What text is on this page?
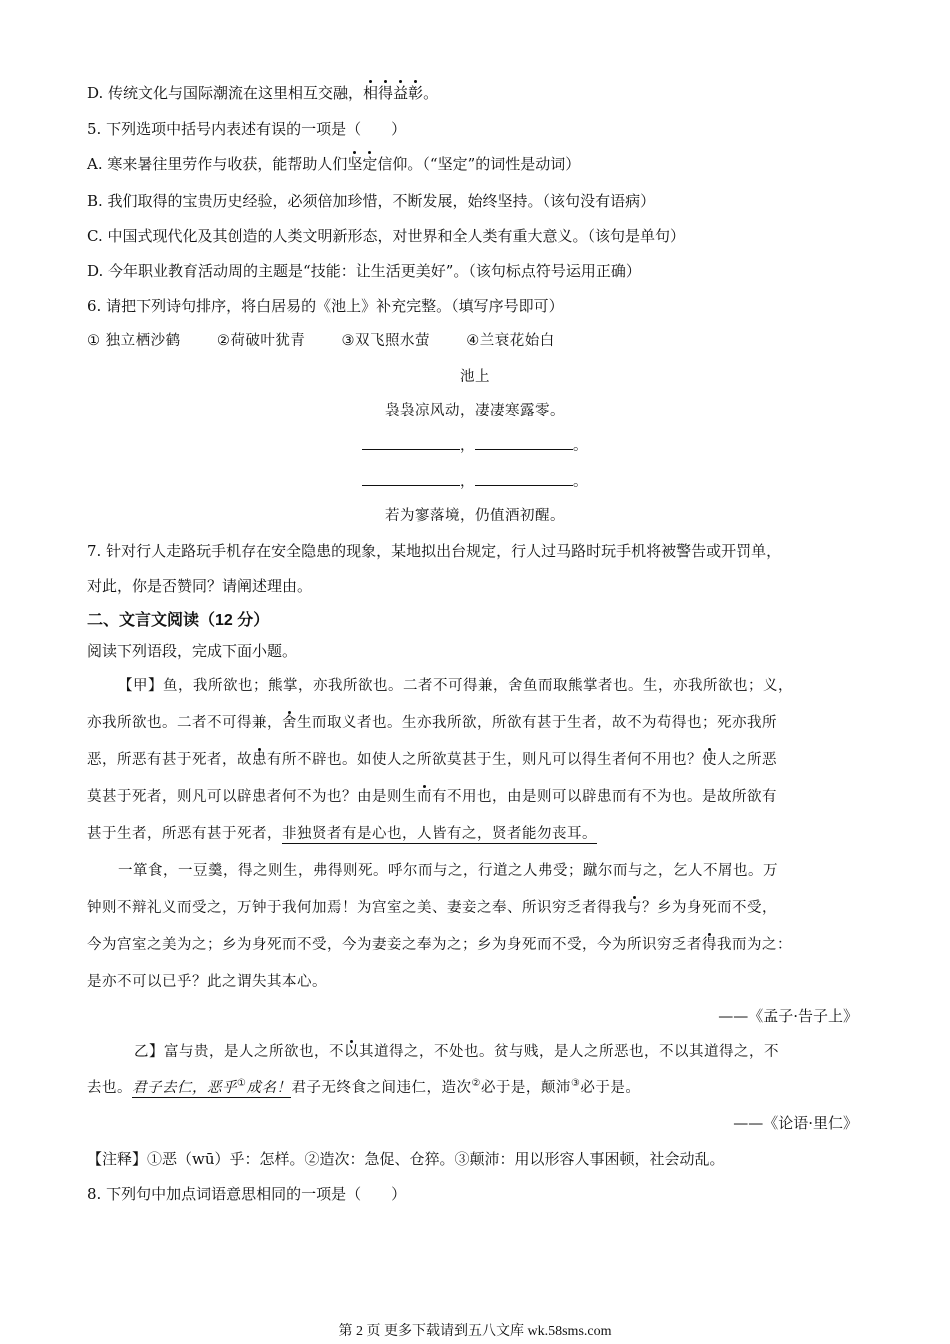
D. 传统文化与国际潮流在这里相互交融，相得益彰。
5. 下列选项中括号内表述有误的一项是（　　）
A. 寒来暑往里劳作与收获，能帮助人们坚定信仰。（“坚定”的词性是动词）
B. 我们取得的宝贵历史经验，必须倍加珍惜，不断发展，始终坚持。（该句没有语病）
C. 中国式现代化及其创造的人类文明新形态，对世界和全人类有重大意义。（该句是单句）
D. 今年职业教育活动周的主题是“技能：让生活更美好”。（该句标点符号运用正确）
6. 请把下列诗句排序，将白居易的《池上》补充完整。（填写序号即可）
① 独立栖沙鹤 ②荷破叶犹青 ③双飞照水萤 ④兰衰花始白
池上
袅袅凉风动，凄凄寒露零。
，	。
，	。
若为寥落境，仍值酒初醒。
7. 针对行人走路玩手机存在安全隐患的现象，某地拟出台规定，行人过马路时玩手机将被警告或开罚单，
对此，你是否赞同？请阐述理由。
二、文言文阅读（12 分）
阅读下列语段，完成下面小题。
【甲】鱼，我所欲也；熊掌，亦我所欲也。二者不可得兼，舍鱼而取熊掌者也。生，亦我所欲也；义，
亦我所欲也。二者不可得兼，舍生而取义者也。生亦我所欲，所欲有甚于生者，故不为苟得也；死亦我所
恶，所恶有甚于死者，故患有所不辟也。如使人之所欲莫甚于生，则凡可以得生者何不用也？使人之所恶
莫甚于死者，则凡可以辟患者何不为也？由是则生而有不用也，由是则可以辟患而有不为也。是故所欲有
甚于生者，所恶有甚于死者，非独贤者有是心也，人皆有之，贤者能勿丧耳。
一箪食，一豆羹，得之则生，弗得则死。呼尔而与之，行道之人弗受；蹴尔而与之，乞人不屑也。万
钟则不辩礼义而受之，万钟于我何加焉！为宫室之美、妻妾之奉、所识穷乏者得我与？乡为身死而不受，
今为宫室之美为之；乡为身死而不受，今为妻妾之奉为之；乡为身死而不受，今为所识穷乏者得我而为之：
是亦不可以已乎？此之谓失其本心。
——《孟子·告子上》
乙】富与贵，是人之所欲也，不以其道得之，不处也。贫与贱，是人之所恶也，不以其道得之，不
去也。君子去仁，恶乎①成名！君子无终食之间违仁，造次②必于是，颠沛③必于是。
——《论语·里仁》
【注释】①恶（wū）乎：怎样。②造次：急促、仓猝。③颠沛：用以形容人事困顿，社会动乱。
8. 下列句中加点词语意思相同的一项是（　　）
第 2 页 更多下载请到五八文库 wk.58sms.com
